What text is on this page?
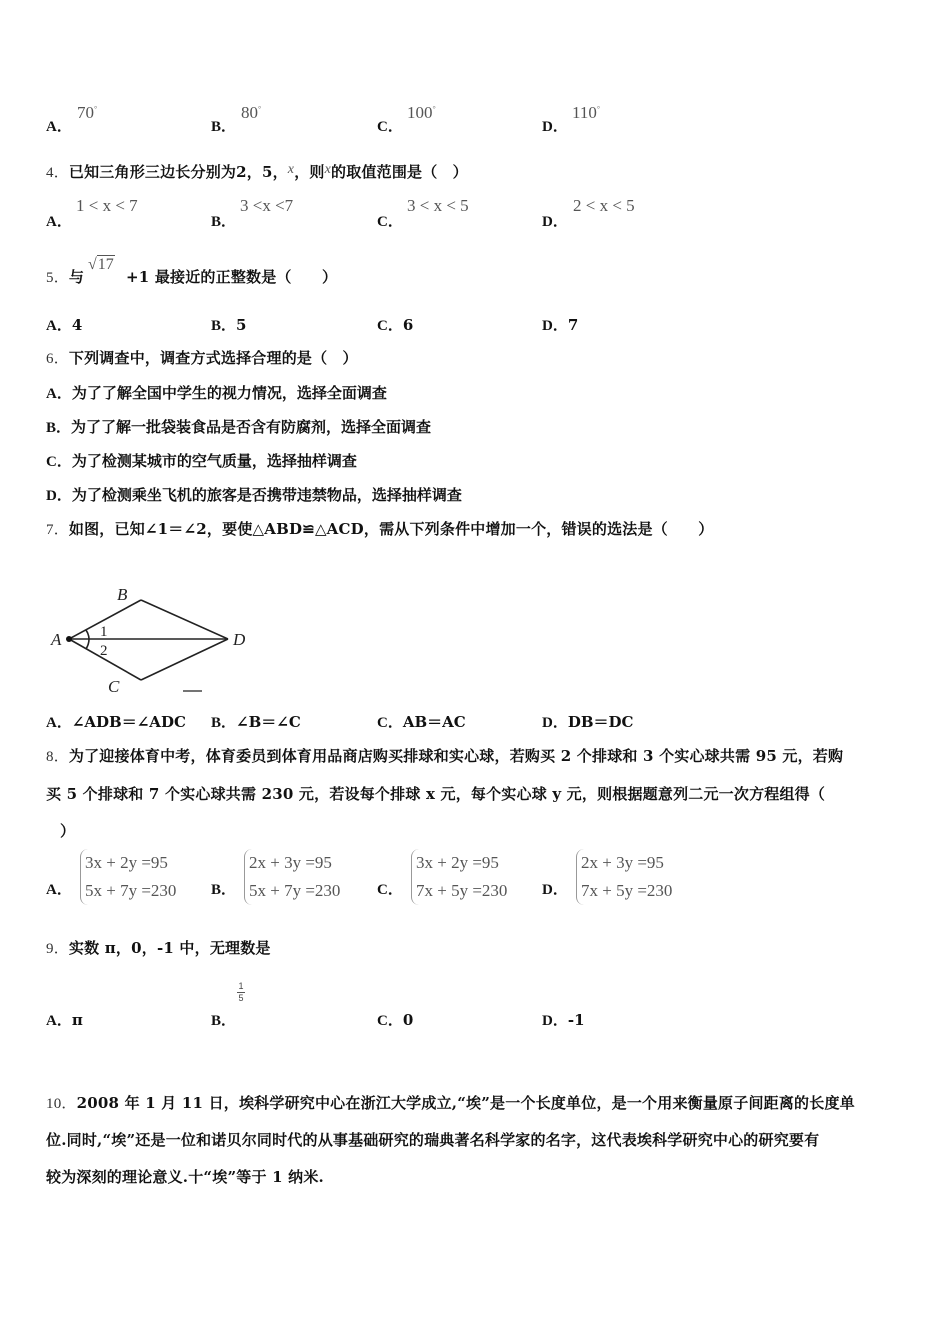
A．
70°
B．
80°
C．
100°
D．
110°
4．已知三角形三边长分别为2，5，x，则x的取值范围是（　）
A．
1 < x < 7
B．
3 <x <7
C．
3 < x < 5
D．
2 < x < 5
5．与
√17
+1 最接近的正整数是（　　）
A．4	B．5	C．6	D．7
6．下列调查中，调查方式选择合理的是（　）
A．为了了解全国中学生的视力情况，选择全面调查
B．为了了解一批袋装食品是否含有防腐剂，选择全面调查
C．为了检测某城市的空气质量，选择抽样调查
D．为了检测乘坐飞机的旅客是否携带违禁物品，选择抽样调查
7．如图，已知∠1＝∠2，要使△ABD≌△ACD，需从下列条件中增加一个，错误的选法是（　　）
A
B
C
D
1
2
A．∠ADB＝∠ADC B．∠B＝∠C	C．AB＝AC	D．DB＝DC
8．为了迎接体育中考，体育委员到体育用品商店购买排球和实心球，若购买 2 个排球和 3 个实心球共需 95 元，若购
买 5 个排球和 7 个实心球共需 230 元，若设每个排球 x 元，每个实心球 y 元，则根据题意列二元一次方程组得（
）
A．
3x + 2y =95
5x + 7y =230 B．
2x + 3y =95
5x + 7y =230 C．
3x + 2y =95
7x + 5y =230 D．
2x + 3y =95
7x + 5y =230
9．实数 π，0，-1 中，无理数是
A．π	B．
1
5
C．0	D．-1
10．2008 年 1 月 11 日，埃科学研究中心在浙江大学成立,“埃”是一个长度单位，是一个用来衡量原子间距离的长度单
位.同时,“埃”还是一位和诺贝尔同时代的从事基础研究的瑞典著名科学家的名字，这代表埃科学研究中心的研究要有
较为深刻的理论意义.十“埃”等于 1 纳米.
